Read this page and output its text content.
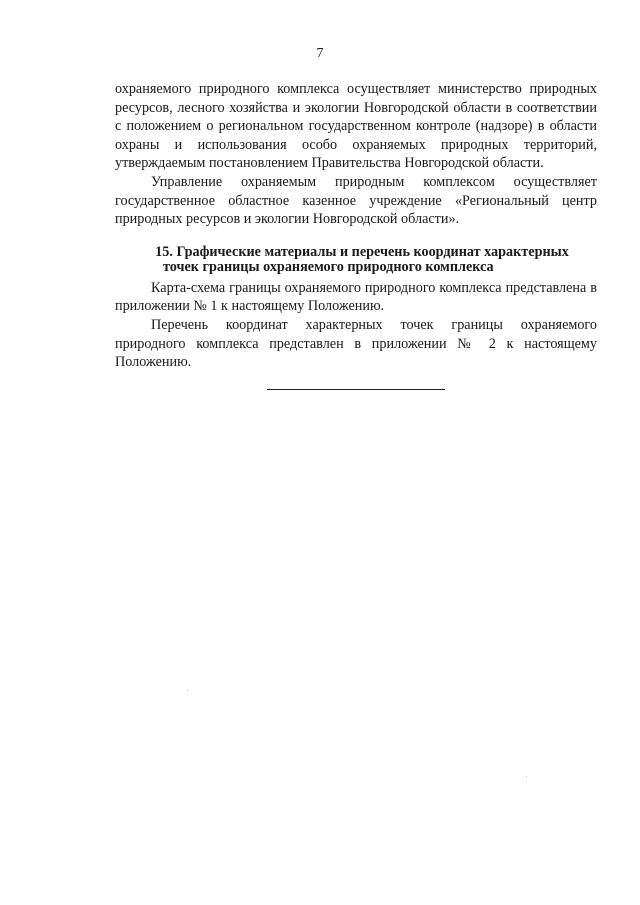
7

охраняемого природного комплекса осуществляет министерство природных ресурсов, лесного хозяйства и экологии Новгородской области в соответствии с положением о региональном государственном контроле (надзоре) в области охраны и использования особо охраняемых природных территорий, утверждаемым постановлением Правительства Новгородской области.

Управление охраняемым природным комплексом осуществляет государственное областное казенное учреждение «Региональный центр природных ресурсов и экологии Новгородской области».

15. Графические материалы и перечень координат характерных
точек границы охраняемого природного комплекса

Карта-схема границы охраняемого природного комплекса представлена в приложении № 1 к настоящему Положению.

Перечень координат характерных точек границы охраняемого природного комплекса представлен в приложении № 2 к настоящему Положению.
